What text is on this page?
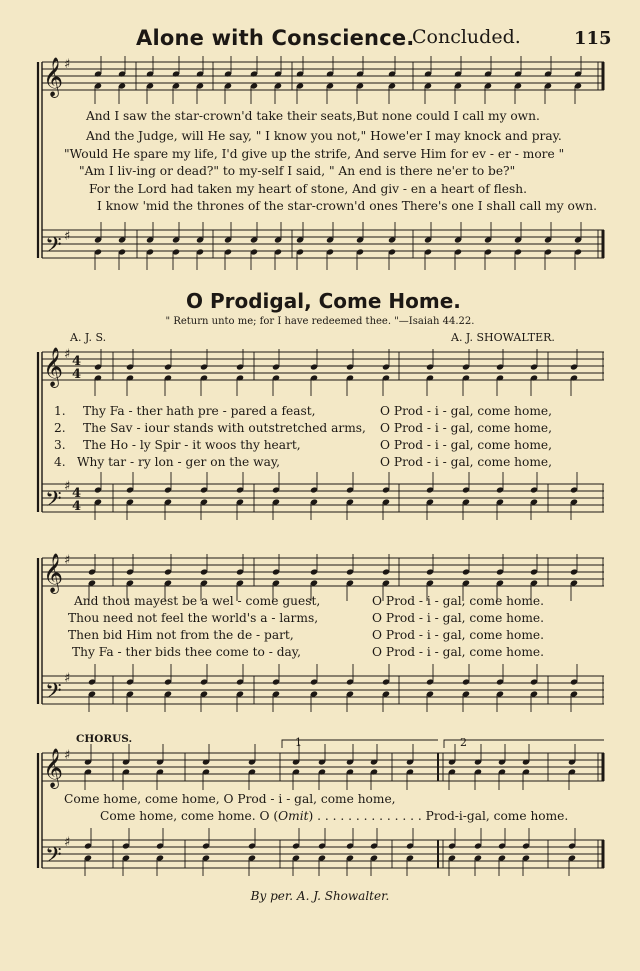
Alone with Conscience.
Concluded.	115
𝄞
𝄢
𝄞
𝄢
𝄞
𝄢
𝄞
𝄢
♯
♯
♯
♯
♯
♯
♯
♯
4
4
4
4
And I saw the star-crown'd take their seats,But none could I call my own.
And the Judge, will He say, " I know you not," Howe'er I may knock and pray.
"Would He spare my life, I'd give up the strife, And serve Him for ev - er - more "
"Am I liv-ing or dead?" to my-self I said, " An end is there ne'er to be?"
For the Lord had taken my heart of stone, And giv - en a heart of flesh.
I know 'mid the thrones of the star-crown'd ones There's one I shall call my own.
O Prodigal, Come Home.
" Return unto me; for I have redeemed thee. "—Isaiah 44.22.
A. J. S.	A. J. SHOWALTER.
1. Thy Fa - ther hath pre - pared a feast,	O Prod - i - gal, come home,
2. The Sav - iour stands with outstretched arms, O Prod - i - gal, come home,
3. The Ho - ly Spir - it woos thy heart,	O Prod - i - gal, come home,
4. Why tar - ry lon - ger on the way,	O Prod - i - gal, come home,
And thou mayest be a wel - come guest,	O Prod - i - gal, come home.
Thou need not feel the world's a - larms,	O Prod - i - gal, come home.
Then bid Him not from the de - part,	O Prod - i - gal, come home.
Thy Fa - ther bids thee come to - day,	O Prod - i - gal, come home.
CHORUS.	1	2
Come home, come home, O Prod - i - gal, come home,
Come home, come home. O (Omit) . . . . . . . . . . . . . . Prod-i-gal, come home.
By per. A. J. Showalter.
